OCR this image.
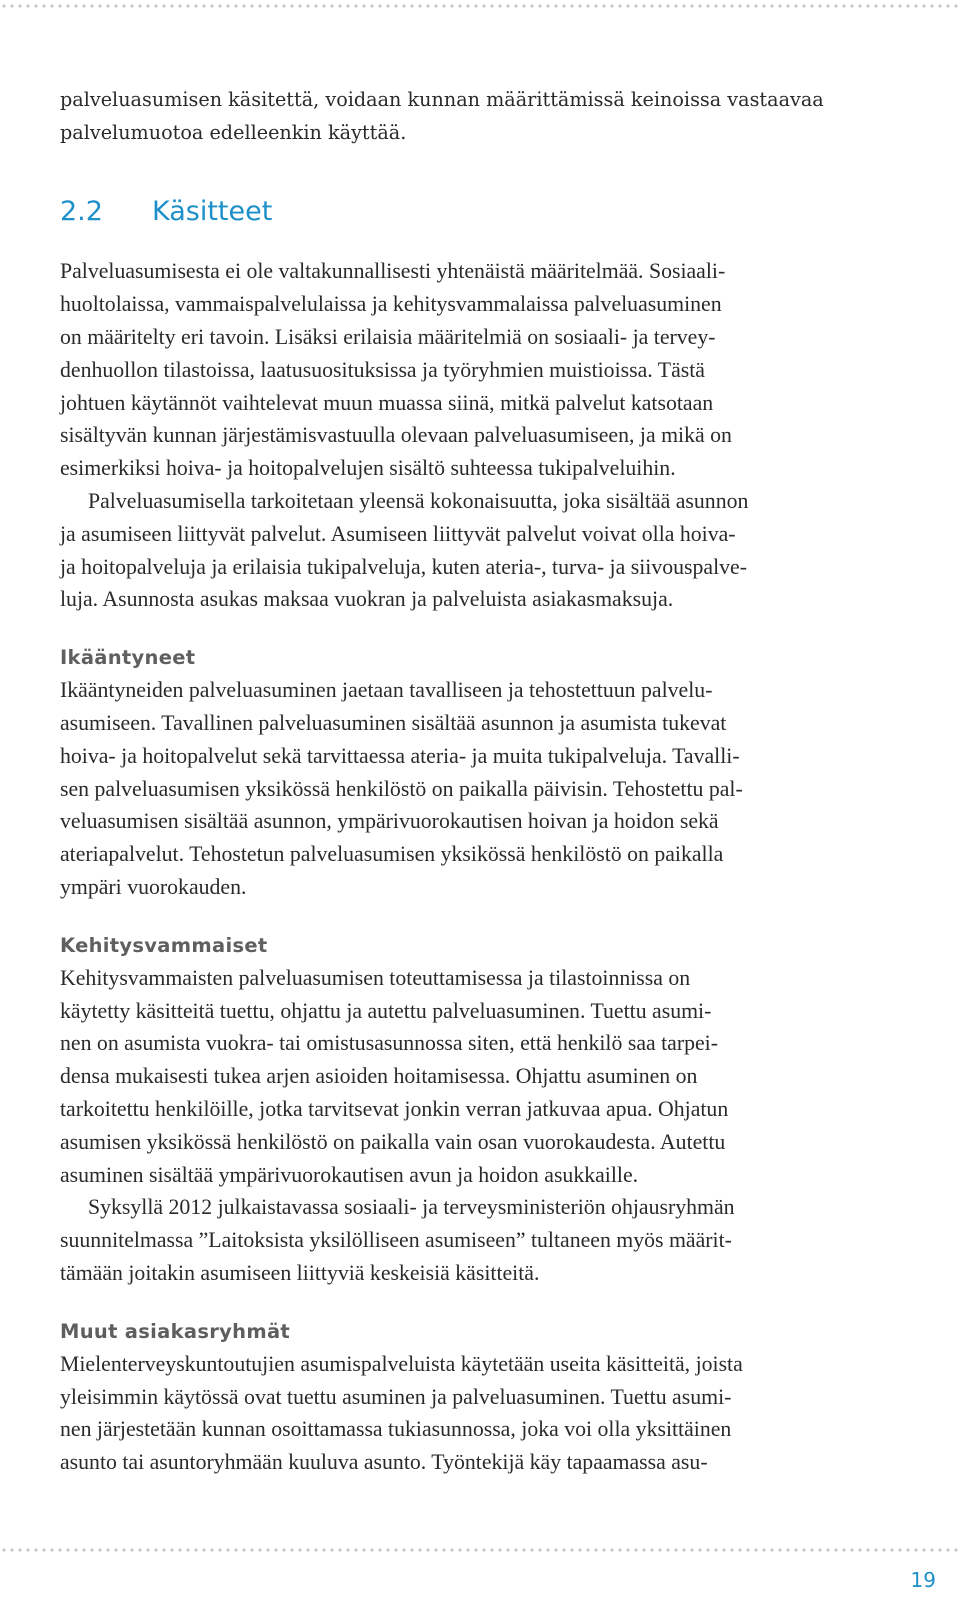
palveluasumisen käsitettä, voidaan kunnan määrittämissä keinoissa vastaavaa
palvelumuotoa edelleenkin käyttää.

2.2 Käsitteet

Palveluasumisesta ei ole valtakunnallisesti yhtenäistä määritelmää. Sosiaali-
huoltolaissa, vammaispalvelulaissa ja kehitysvammalaissa palveluasuminen
on määritelty eri tavoin. Lisäksi erilaisia määritelmiä on sosiaali- ja tervey-
denhuollon tilastoissa, laatusuosituksissa ja työryhmien muistioissa. Tästä
johtuen käytännöt vaihtelevat muun muassa siinä, mitkä palvelut katsotaan
sisältyvän kunnan järjestämisvastuulla olevaan palveluasumiseen, ja mikä on
esimerkiksi hoiva- ja hoitopalvelujen sisältö suhteessa tukipalveluihin.

Palveluasumisella tarkoitetaan yleensä kokonaisuutta, joka sisältää asunnon
ja asumiseen liittyvät palvelut. Asumiseen liittyvät palvelut voivat olla hoiva-
ja hoitopalveluja ja erilaisia tukipalveluja, kuten ateria-, turva- ja siivouspalve-
luja. Asunnosta asukas maksaa vuokran ja palveluista asiakasmaksuja.

Ikääntyneet

Ikääntyneiden palveluasuminen jaetaan tavalliseen ja tehostettuun palvelu-
asumiseen. Tavallinen palveluasuminen sisältää asunnon ja asumista tukevat
hoiva- ja hoitopalvelut sekä tarvittaessa ateria- ja muita tukipalveluja. Tavalli-
sen palveluasumisen yksikössä henkilöstö on paikalla päivisin. Tehostettu pal-
veluasumisen sisältää asunnon, ympärivuorokautisen hoivan ja hoidon sekä
ateriapalvelut. Tehostetun palveluasumisen yksikössä henkilöstö on paikalla
ympäri vuorokauden.

Kehitysvammaiset

Kehitysvammaisten palveluasumisen toteuttamisessa ja tilastoinnissa on
käytetty käsitteitä tuettu, ohjattu ja autettu palveluasuminen. Tuettu asumi-
nen on asumista vuokra- tai omistusasunnossa siten, että henkilö saa tarpei-
densa mukaisesti tukea arjen asioiden hoitamisessa. Ohjattu asuminen on
tarkoitettu henkilöille, jotka tarvitsevat jonkin verran jatkuvaa apua. Ohjatun
asumisen yksikössä henkilöstö on paikalla vain osan vuorokaudesta. Autettu
asuminen sisältää ympärivuorokautisen avun ja hoidon asukkaille.

Syksyllä 2012 julkaistavassa sosiaali- ja terveysministeriön ohjausryhmän
suunnitelmassa ”Laitoksista yksilölliseen asumiseen” tultaneen myös määrit-
tämään joitakin asumiseen liittyviä keskeisiä käsitteitä.

Muut asiakasryhmät

Mielenterveyskuntoutujien asumispalveluista käytetään useita käsitteitä, joista
yleisimmin käytössä ovat tuettu asuminen ja palveluasuminen. Tuettu asumi-
nen järjestetään kunnan osoittamassa tukiasunnossa, joka voi olla yksittäinen
asunto tai asuntoryhmään kuuluva asunto. Työntekijä käy tapaamassa asu-

19
